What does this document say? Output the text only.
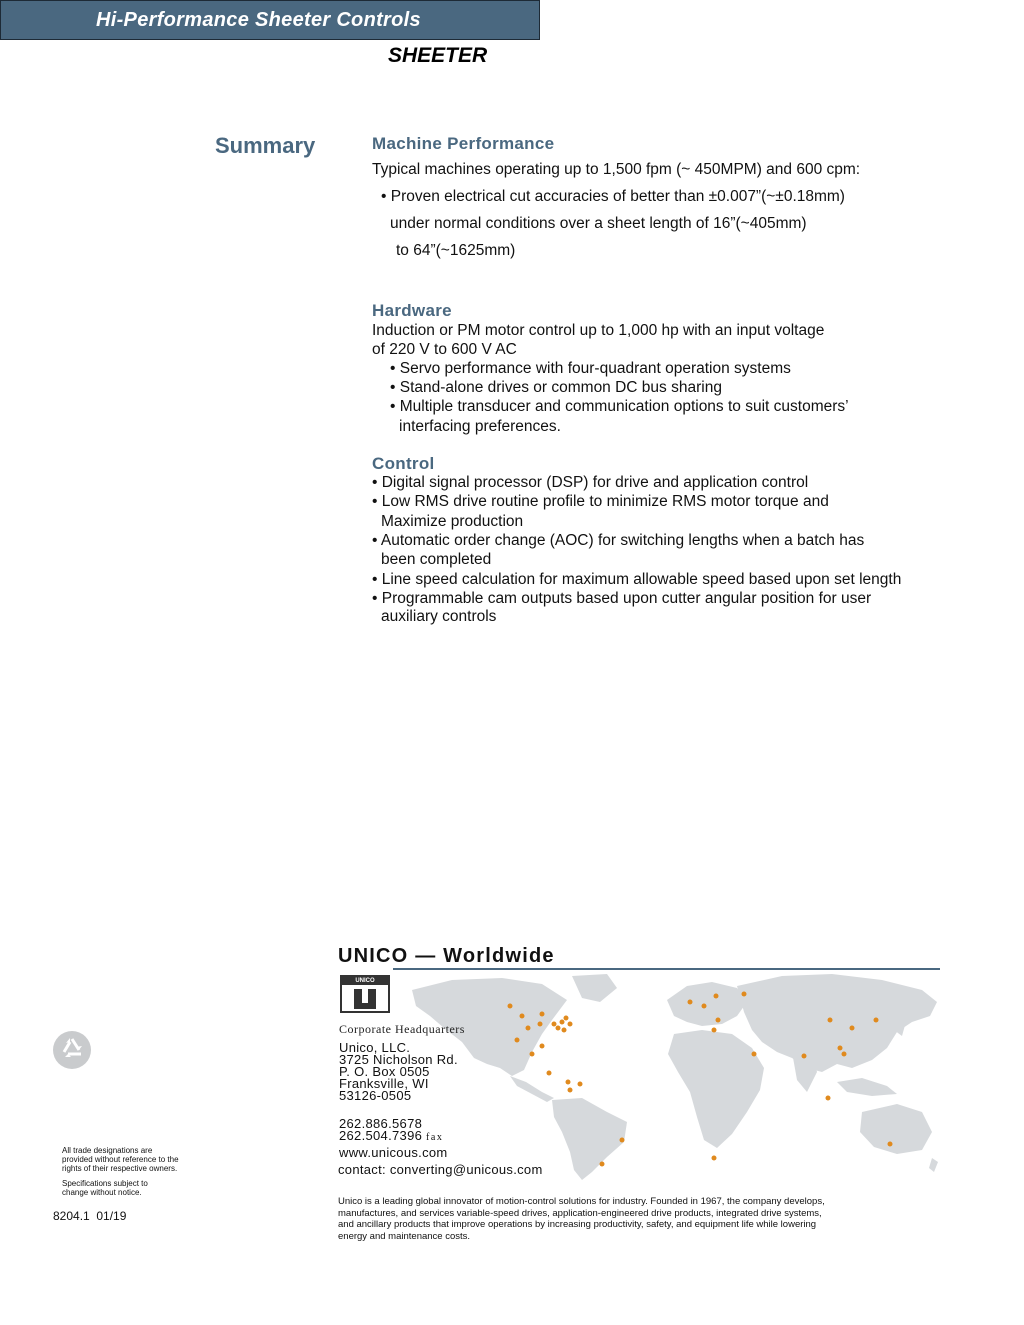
Hi-Performance Sheeter Controls
SHEETER
Summary	Machine Performance
Typical machines operating up to 1,500 fpm (~ 450MPM) and 600 cpm:
• Proven electrical cut accuracies of better than ±0.007”(~±0.18mm)
under normal conditions over a sheet length of 16”(~405mm)
to 64”(~1625mm)
Hardware
Induction or PM motor control up to 1,000 hp with an input voltage
of 220 V to 600 V AC
• Servo performance with four-quadrant operation systems
• Stand-alone drives or common DC bus sharing
• Multiple transducer and communication options to suit customers’
interfacing preferences.
Control
• Digital signal processor (DSP) for drive and application control
• Low RMS drive routine profile to minimize RMS motor torque and
Maximize production
• Automatic order change (AOC) for switching lengths when a batch has
been completed
• Line speed calculation for maximum allowable speed based upon set length
• Programmable cam outputs based upon cutter angular position for user
auxiliary controls
UNICO — Worldwide
UNICO
Corporate Headquarters
Unico, LLC.
3725 Nicholson Rd.
P. O. Box 0505
Franksville, WI
53126-0505
262.886.5678
262.504.7396 fax
www.unicous.com
contact: converting@unicous.com
Unico is a leading global innovator of motion-control solutions for industry. Founded in 1967, the company develops, manufactures, and services variable-speed drives, application-engineered drive products, integrated drive systems, and ancillary products that improve operations by increasing productivity, safety, and equipment life while lowering energy and maintenance costs.
All trade designations are
provided without reference to the
rights of their respective owners.
Specifications subject to
change without notice.
8204.1  01/19
